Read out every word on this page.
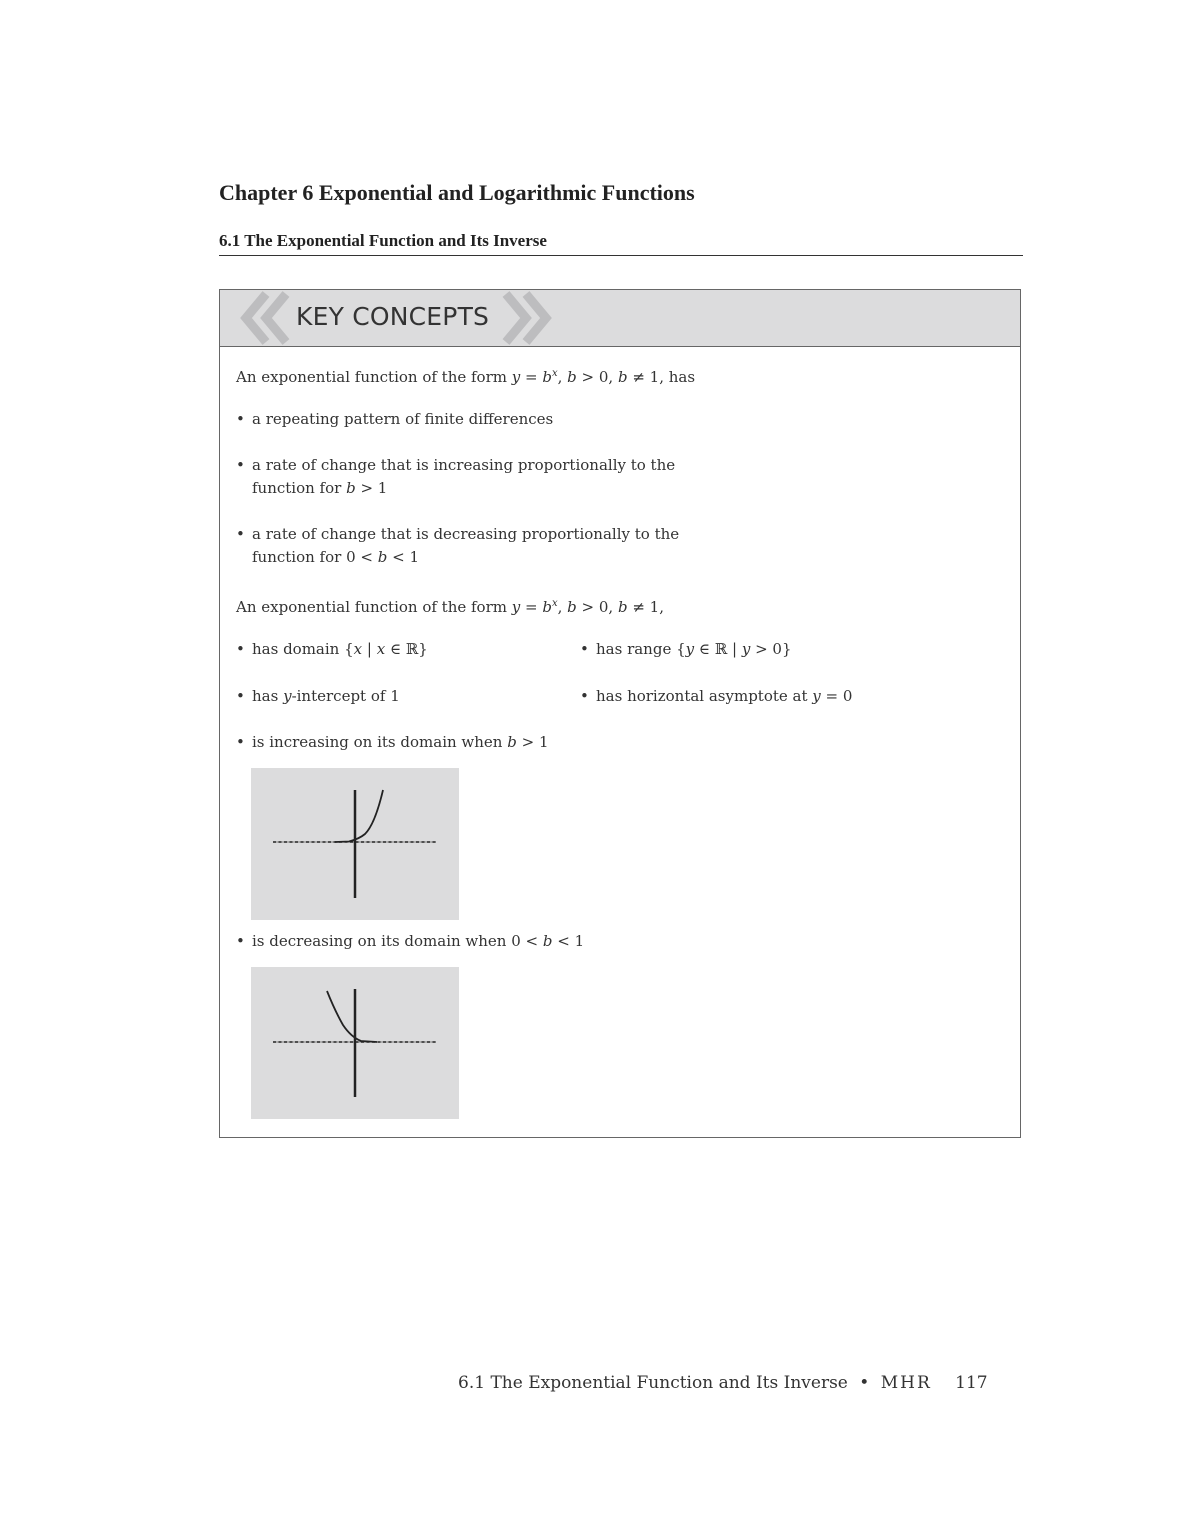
Chapter 6 Exponential and Logarithmic Functions
6.1 The Exponential Function and Its Inverse
KEY CONCEPTS
An exponential function of the form $y = b^x$, b > 0, b ≠ 1, has
• a repeating pattern of finite differences
• a rate of change that is increasing proportionally to the
function for b > 1
• a rate of change that is decreasing proportionally to the
function for 0 < b < 1
An exponential function of the form $y = b^x$, b > 0, b ≠ 1,
• has domain {x | x ∈ ℝ}	• has range {y ∈ ℝ | y > 0}
• has y-intercept of 1	• has horizontal asymptote at y = 0
• is increasing on its domain when b > 1
• is decreasing on its domain when 0 < b < 1
6.1 The Exponential Function and Its Inverse • MHR 117
